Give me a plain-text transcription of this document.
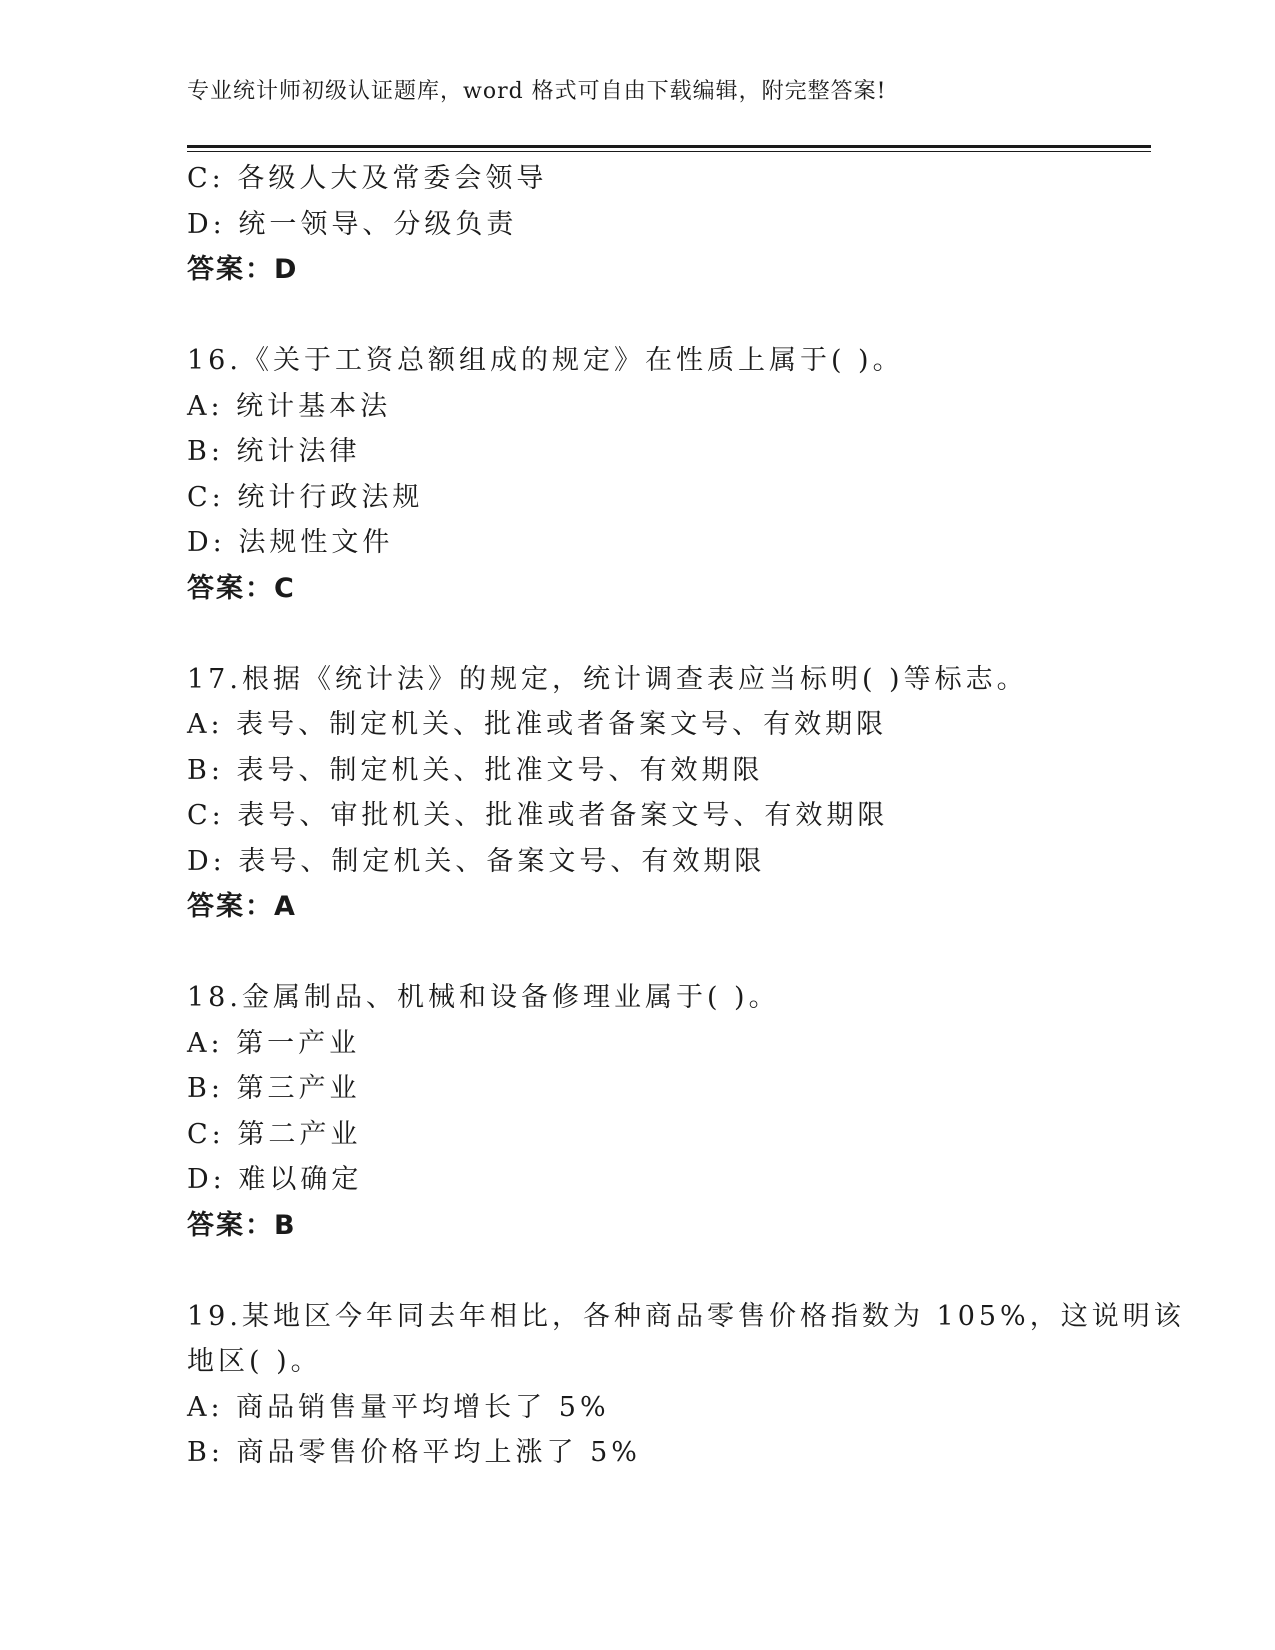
专业统计师初级认证题库，word 格式可自由下载编辑，附完整答案!
C: 各级人大及常委会领导
D: 统一领导、分级负责
答案：D
16.《关于工资总额组成的规定》在性质上属于( )。
A: 统计基本法
B: 统计法律
C: 统计行政法规
D: 法规性文件
答案：C
17.根据《统计法》的规定，统计调查表应当标明( )等标志。
A: 表号、制定机关、批准或者备案文号、有效期限
B: 表号、制定机关、批准文号、有效期限
C: 表号、审批机关、批准或者备案文号、有效期限
D: 表号、制定机关、备案文号、有效期限
答案：A
18.金属制品、机械和设备修理业属于( )。
A: 第一产业
B: 第三产业
C: 第二产业
D: 难以确定
答案：B
19.某地区今年同去年相比，各种商品零售价格指数为 105%，这说明该
地区( )。
A: 商品销售量平均增长了 5%
B: 商品零售价格平均上涨了 5%
